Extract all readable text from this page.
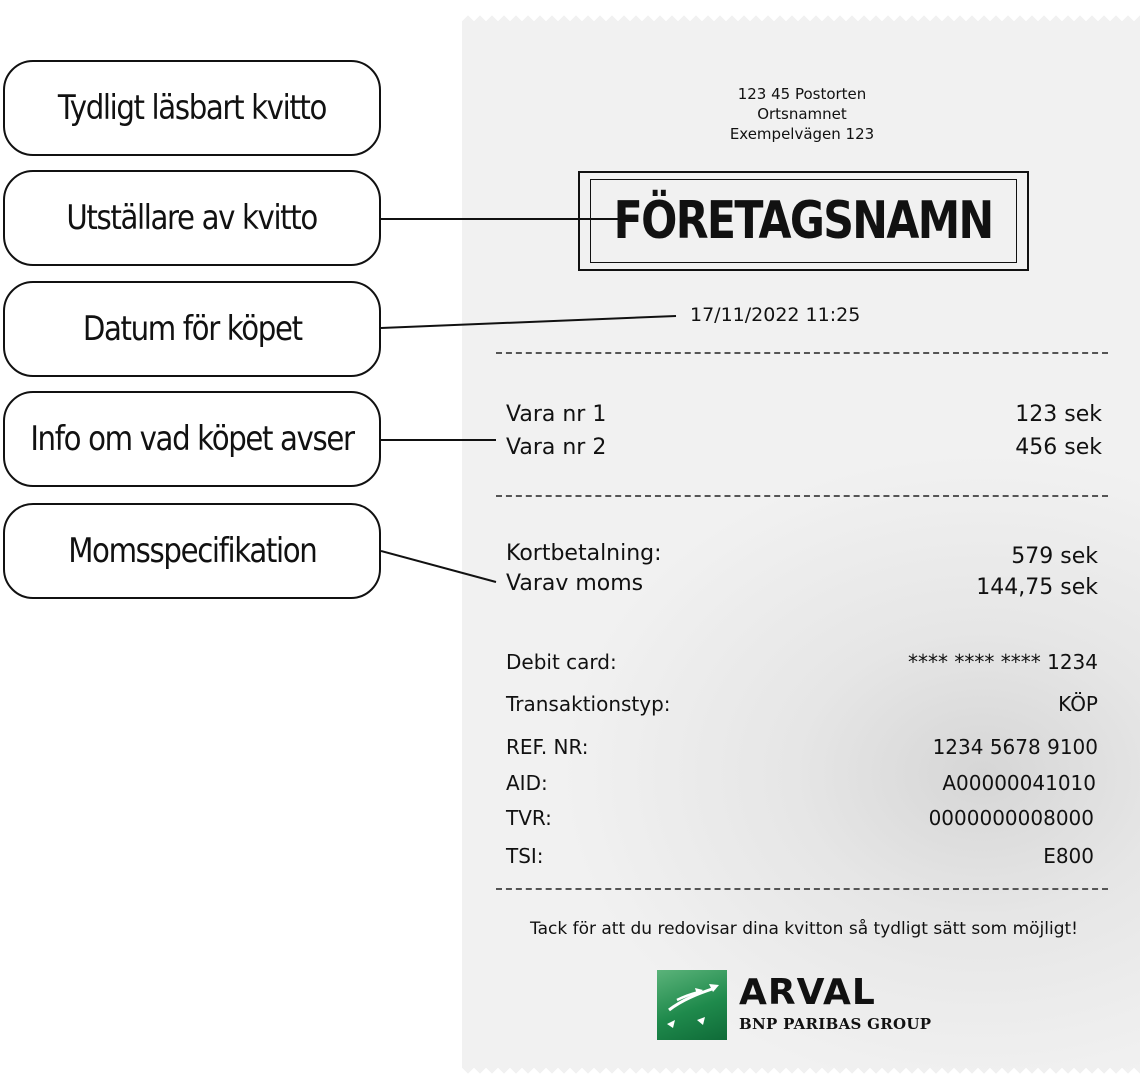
Tydligt läsbart kvitto
Utställare av kvitto
Datum för köpet
Info om vad köpet avser
Momsspecifikation
123 45 Postorten
Ortsnamnet
Exempelvägen 123
FÖRETAGSNAMN
17/11/2022 11:25
Vara nr 1	123 sek
Vara nr 2	456 sek
Kortbetalning:	579 sek
Varav moms	144,75 sek
Debit card:	**** **** **** 1234
Transaktionstyp:	KÖP
REF. NR:	1234 5678 9100
AID:	A00000041010
TVR:	0000000008000
TSI:	E800
Tack för att du redovisar dina kvitton så tydligt sätt som möjligt!
ARVAL
BNP PARIBAS GROUP
